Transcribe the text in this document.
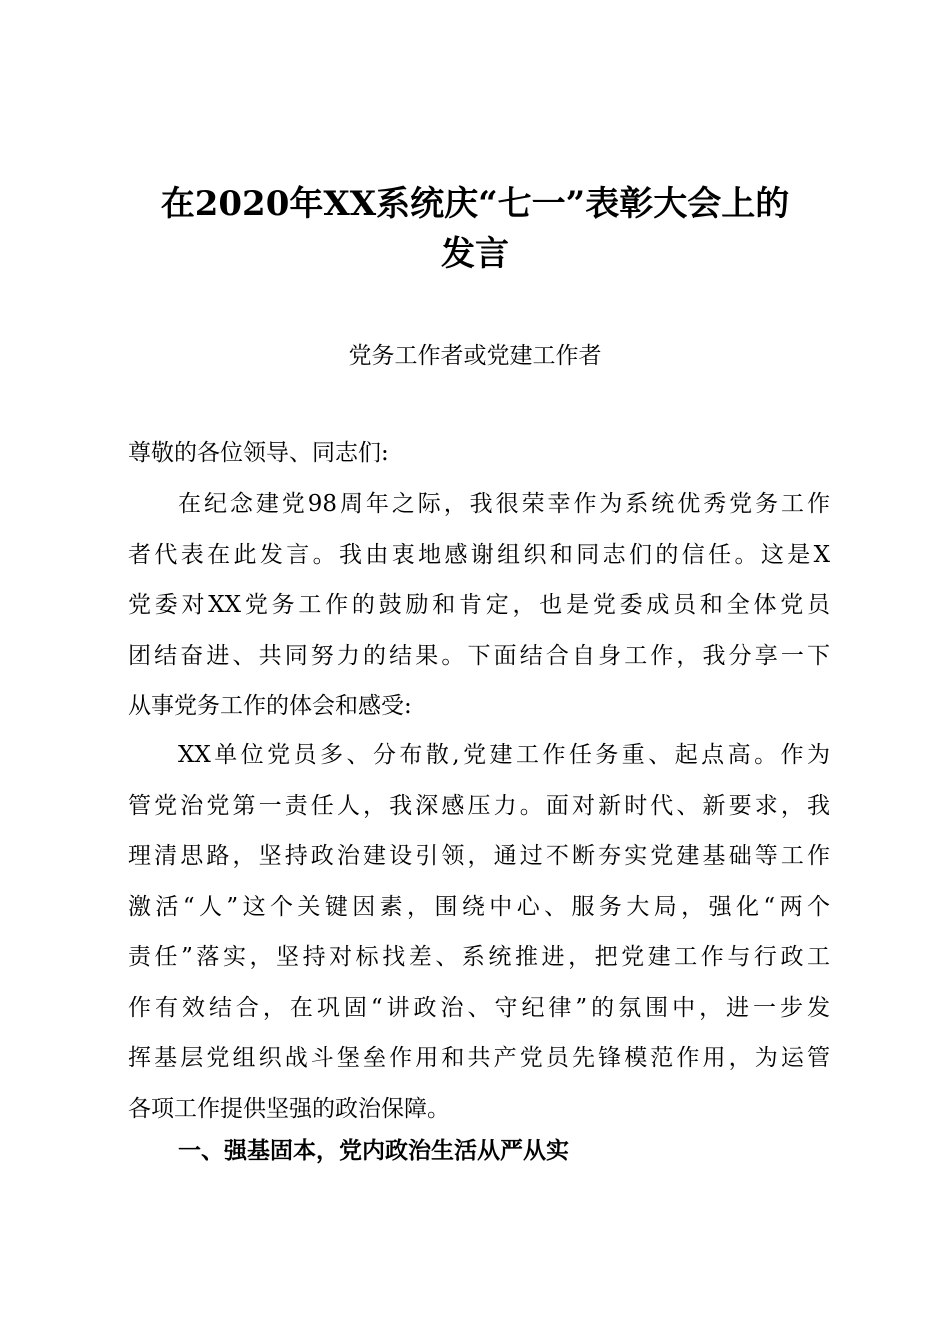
在2020年XX系统庆“七一”表彰大会上的
发言

党务工作者或党建工作者

尊敬的各位领导、同志们:

在纪念建党98周年之际，我很荣幸作为系统优秀党务工作
者代表在此发言。我由衷地感谢组织和同志们的信任。这是X
党委对XX党务工作的鼓励和肯定，也是党委成员和全体党员
团结奋进、共同努力的结果。下面结合自身工作，我分享一下
从事党务工作的体会和感受:

XX单位党员多、分布散,党建工作任务重、起点高。作为
管党治党第一责任人，我深感压力。面对新时代、新要求，我
理清思路，坚持政治建设引领，通过不断夯实党建基础等工作
激活“人”这个关键因素，围绕中心、服务大局，强化“两个
责任”落实，坚持对标找差、系统推进，把党建工作与行政工
作有效结合，在巩固“讲政治、守纪律”的氛围中，进一步发
挥基层党组织战斗堡垒作用和共产党员先锋模范作用，为运管
各项工作提供坚强的政治保障。

一、强基固本，党内政治生活从严从实
